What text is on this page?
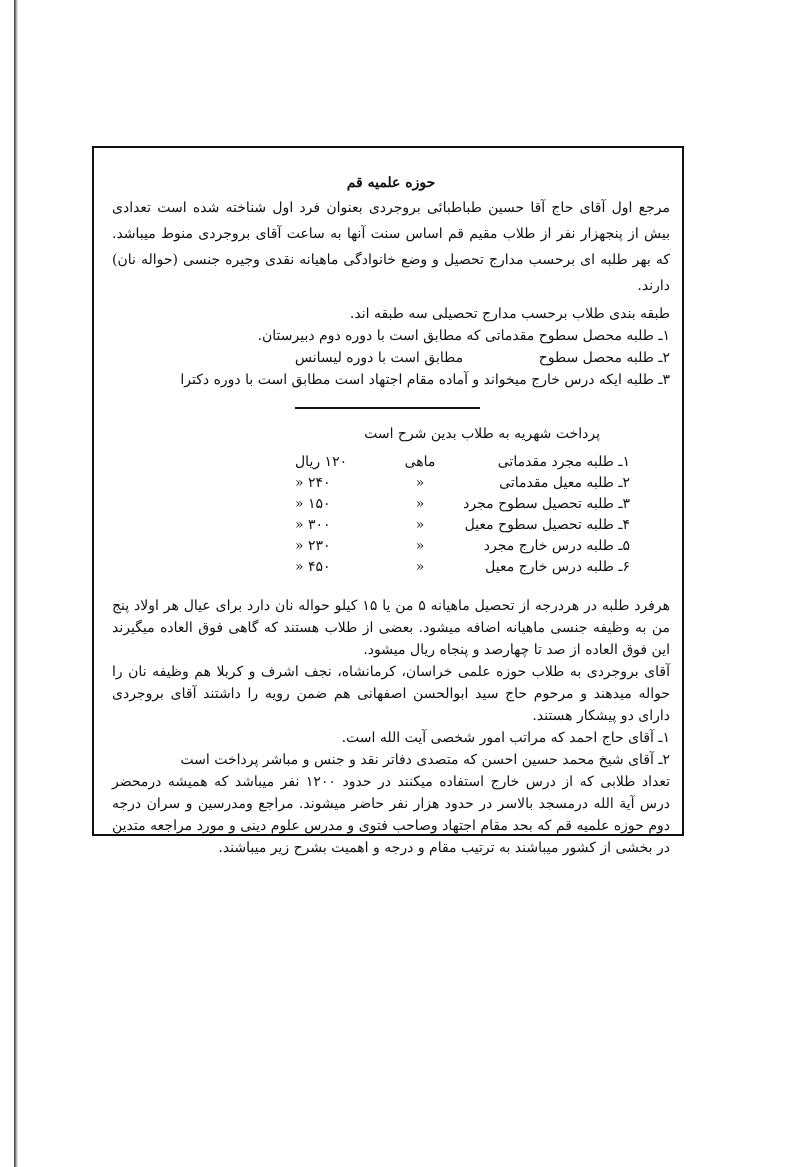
حوزه علمیه قم

مرجع اول آقای حاج آقا حسین طباطبائی بروجردی بعنوان فرد اول شناخته شده است تعدادی بیش از پنجهزار نفر از طلاب مقیم قم اساس سنت آنها به ساعت آقای بروجردی منوط میباشد. که بهر طلبه ای برحسب مدارج تحصیل و وضع خانوادگی ماهیانه نقدی وجیره جنسی (حواله نان) دارند.

طبقه بندی طلاب برحسب مدارج تحصیلی سه طبقه اند.

۱ـ طلبه محصل سطوح مقدماتی که مطابق است با دوره دوم دبیرستان.

۲ـ طلبه محصل سطوح                 مطابق است با دوره لیسانس

۳ـ طلبه ایکه درس خارج میخواند و آماده مقام اجتهاد است مطابق است با دوره دکترا

پرداخت شهریه به طلاب بدین شرح است
۱ـ طلبه مجرد مقدماتی	ماهی	۱۲۰ ریال
۲ـ طلبه معیل مقدماتی	«	۲۴۰ «
۳ـ طلبه تحصیل سطوح مجرد	«	۱۵۰ «
۴ـ طلبه تحصیل سطوح معیل	«	۳۰۰ «
۵ـ طلبه درس خارج مجرد	«	۲۳۰ «
۶ـ طلبه درس خارج معیل	«	۴۵۰ «

هرفرد طلبه در هردرجه از تحصیل ماهیانه ۵ من یا ۱۵ کیلو حواله نان دارد برای عیال هر اولاد پنج من به وظیفه جنسی ماهیانه اضافه میشود. بعضی از طلاب هستند که گاهی فوق العاده میگیرند این فوق العاده از صد تا چهارصد و پنجاه ریال میشود.

آقای بروجردی به طلاب حوزه علمی خراسان، کرمانشاه، نجف اشرف و کربلا هم وظیفه نان را حواله میدهند و مرحوم حاج سید ابوالحسن اصفهانی هم ضمن رویه را داشتند آقای بروجردی دارای دو پیشکار هستند.

۱ـ آقای حاج احمد که مراتب امور شخصی آیت الله است.

۲ـ آقای شیخ محمد حسین احسن که متصدی دفاتر نقد و جنس و مباشر پرداخت است

تعداد طلابی که از درس خارج استفاده میکنند در حدود ۱۲۰۰ نفر میباشد که همیشه درمحضر درس آیة الله درمسجد بالاسر در حدود هزار نفر حاضر میشوند. مراجع ومدرسین و سران درجه دوم حوزه علمیه قم که بحد مقام اجتهاد وصاحب فتوی و مدرس علوم دینی و مورد مراجعه متدین در بخشی از کشور میباشند به ترتیب مقام و درجه و اهمیت بشرح زیر میباشند.
